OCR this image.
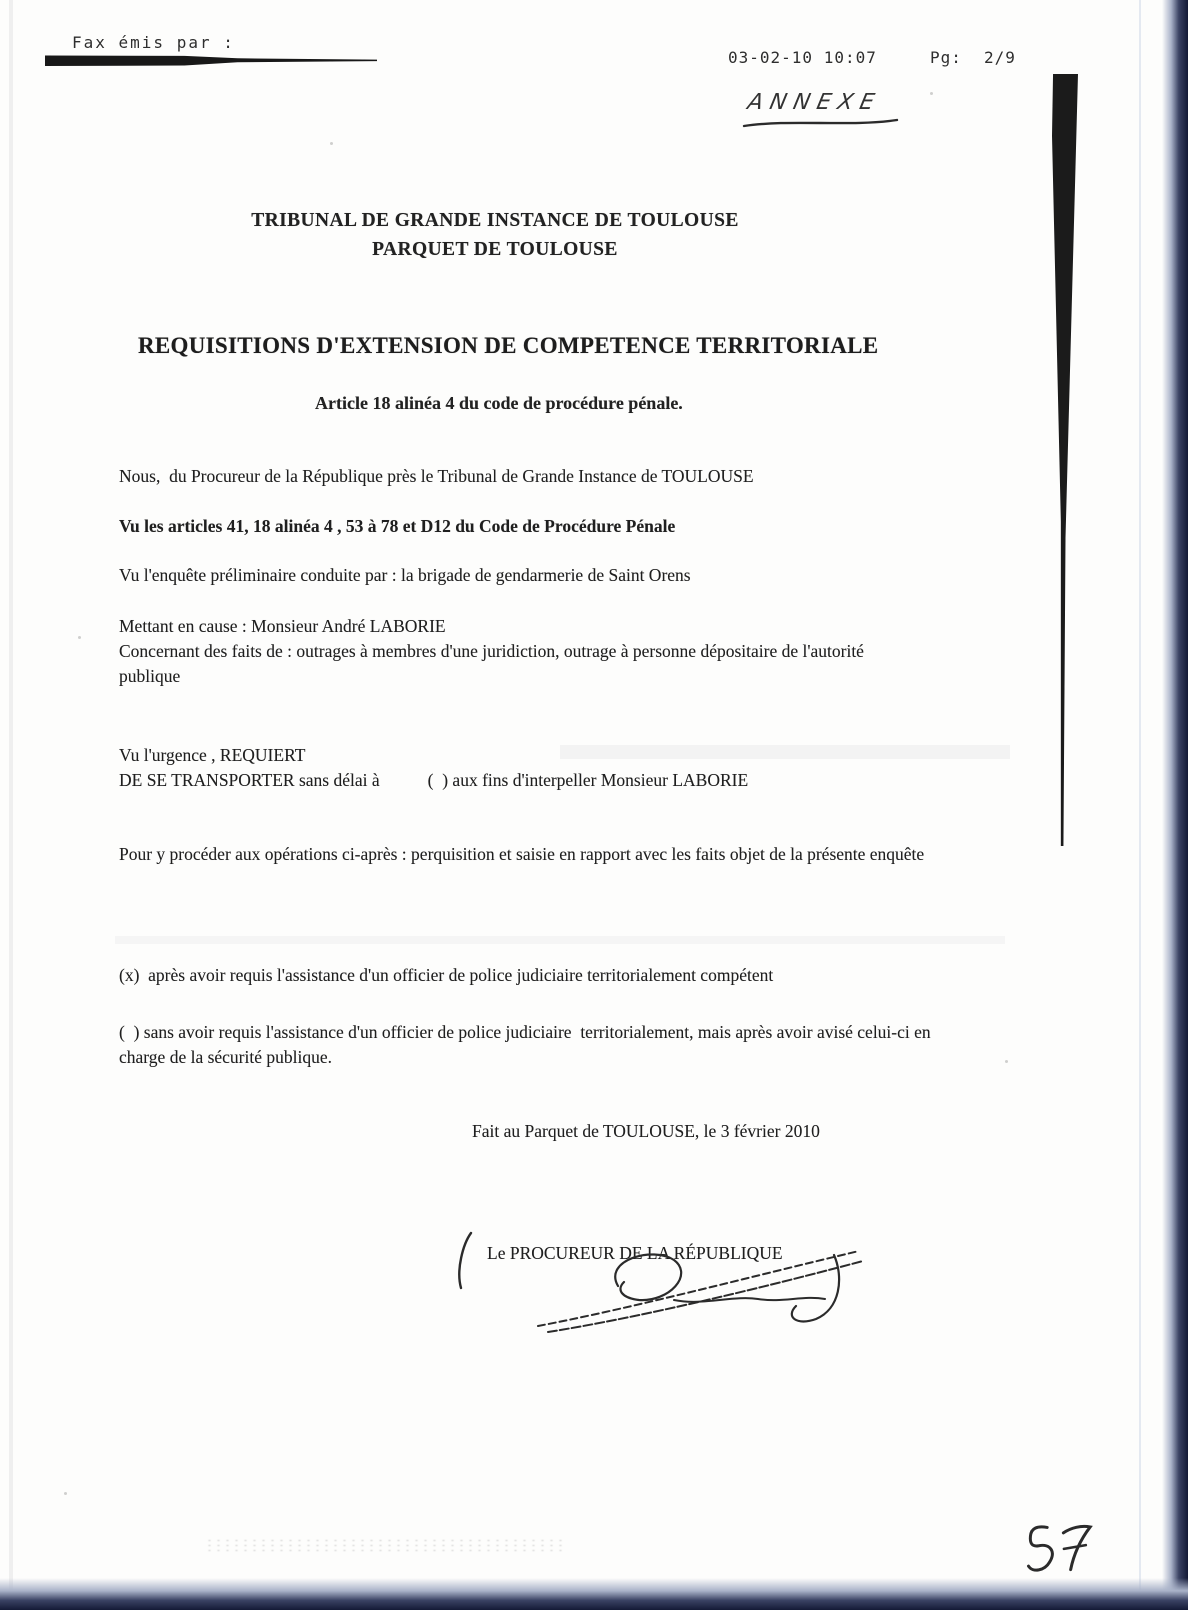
Fax émis par :
03-02-10 10:07	Pg: 2/9
ANNEXE
TRIBUNAL DE GRANDE INSTANCE DE TOULOUSE
PARQUET DE TOULOUSE
REQUISITIONS D'EXTENSION DE COMPETENCE TERRITORIALE
Article 18 alinéa 4 du code de procédure pénale.
Nous,  du Procureur de la République près le Tribunal de Grande Instance de TOULOUSE
Vu les articles 41, 18 alinéa 4 , 53 à 78 et D12 du Code de Procédure Pénale
Vu l'enquête préliminaire conduite par : la brigade de gendarmerie de Saint Orens
Mettant en cause : Monsieur André LABORIE
Concernant des faits de : outrages à membres d'une juridiction, outrage à personne dépositaire de l'autorité publique
Vu l'urgence , REQUIERT
DE SE TRANSPORTER sans délai à	(  ) aux fins d'interpeller Monsieur LABORIE
Pour y procéder aux opérations ci-après : perquisition et saisie en rapport avec les faits objet de la présente enquête
(x)  après avoir requis l'assistance d'un officier de police judiciaire territorialement compétent
(  ) sans avoir requis l'assistance d'un officier de police judiciaire  territorialement, mais après avoir avisé celui-ci en charge de la sécurité publique.
Fait au Parquet de TOULOUSE, le 3 février 2010
Le PROCUREUR DE LA RÉPUBLIQUE
